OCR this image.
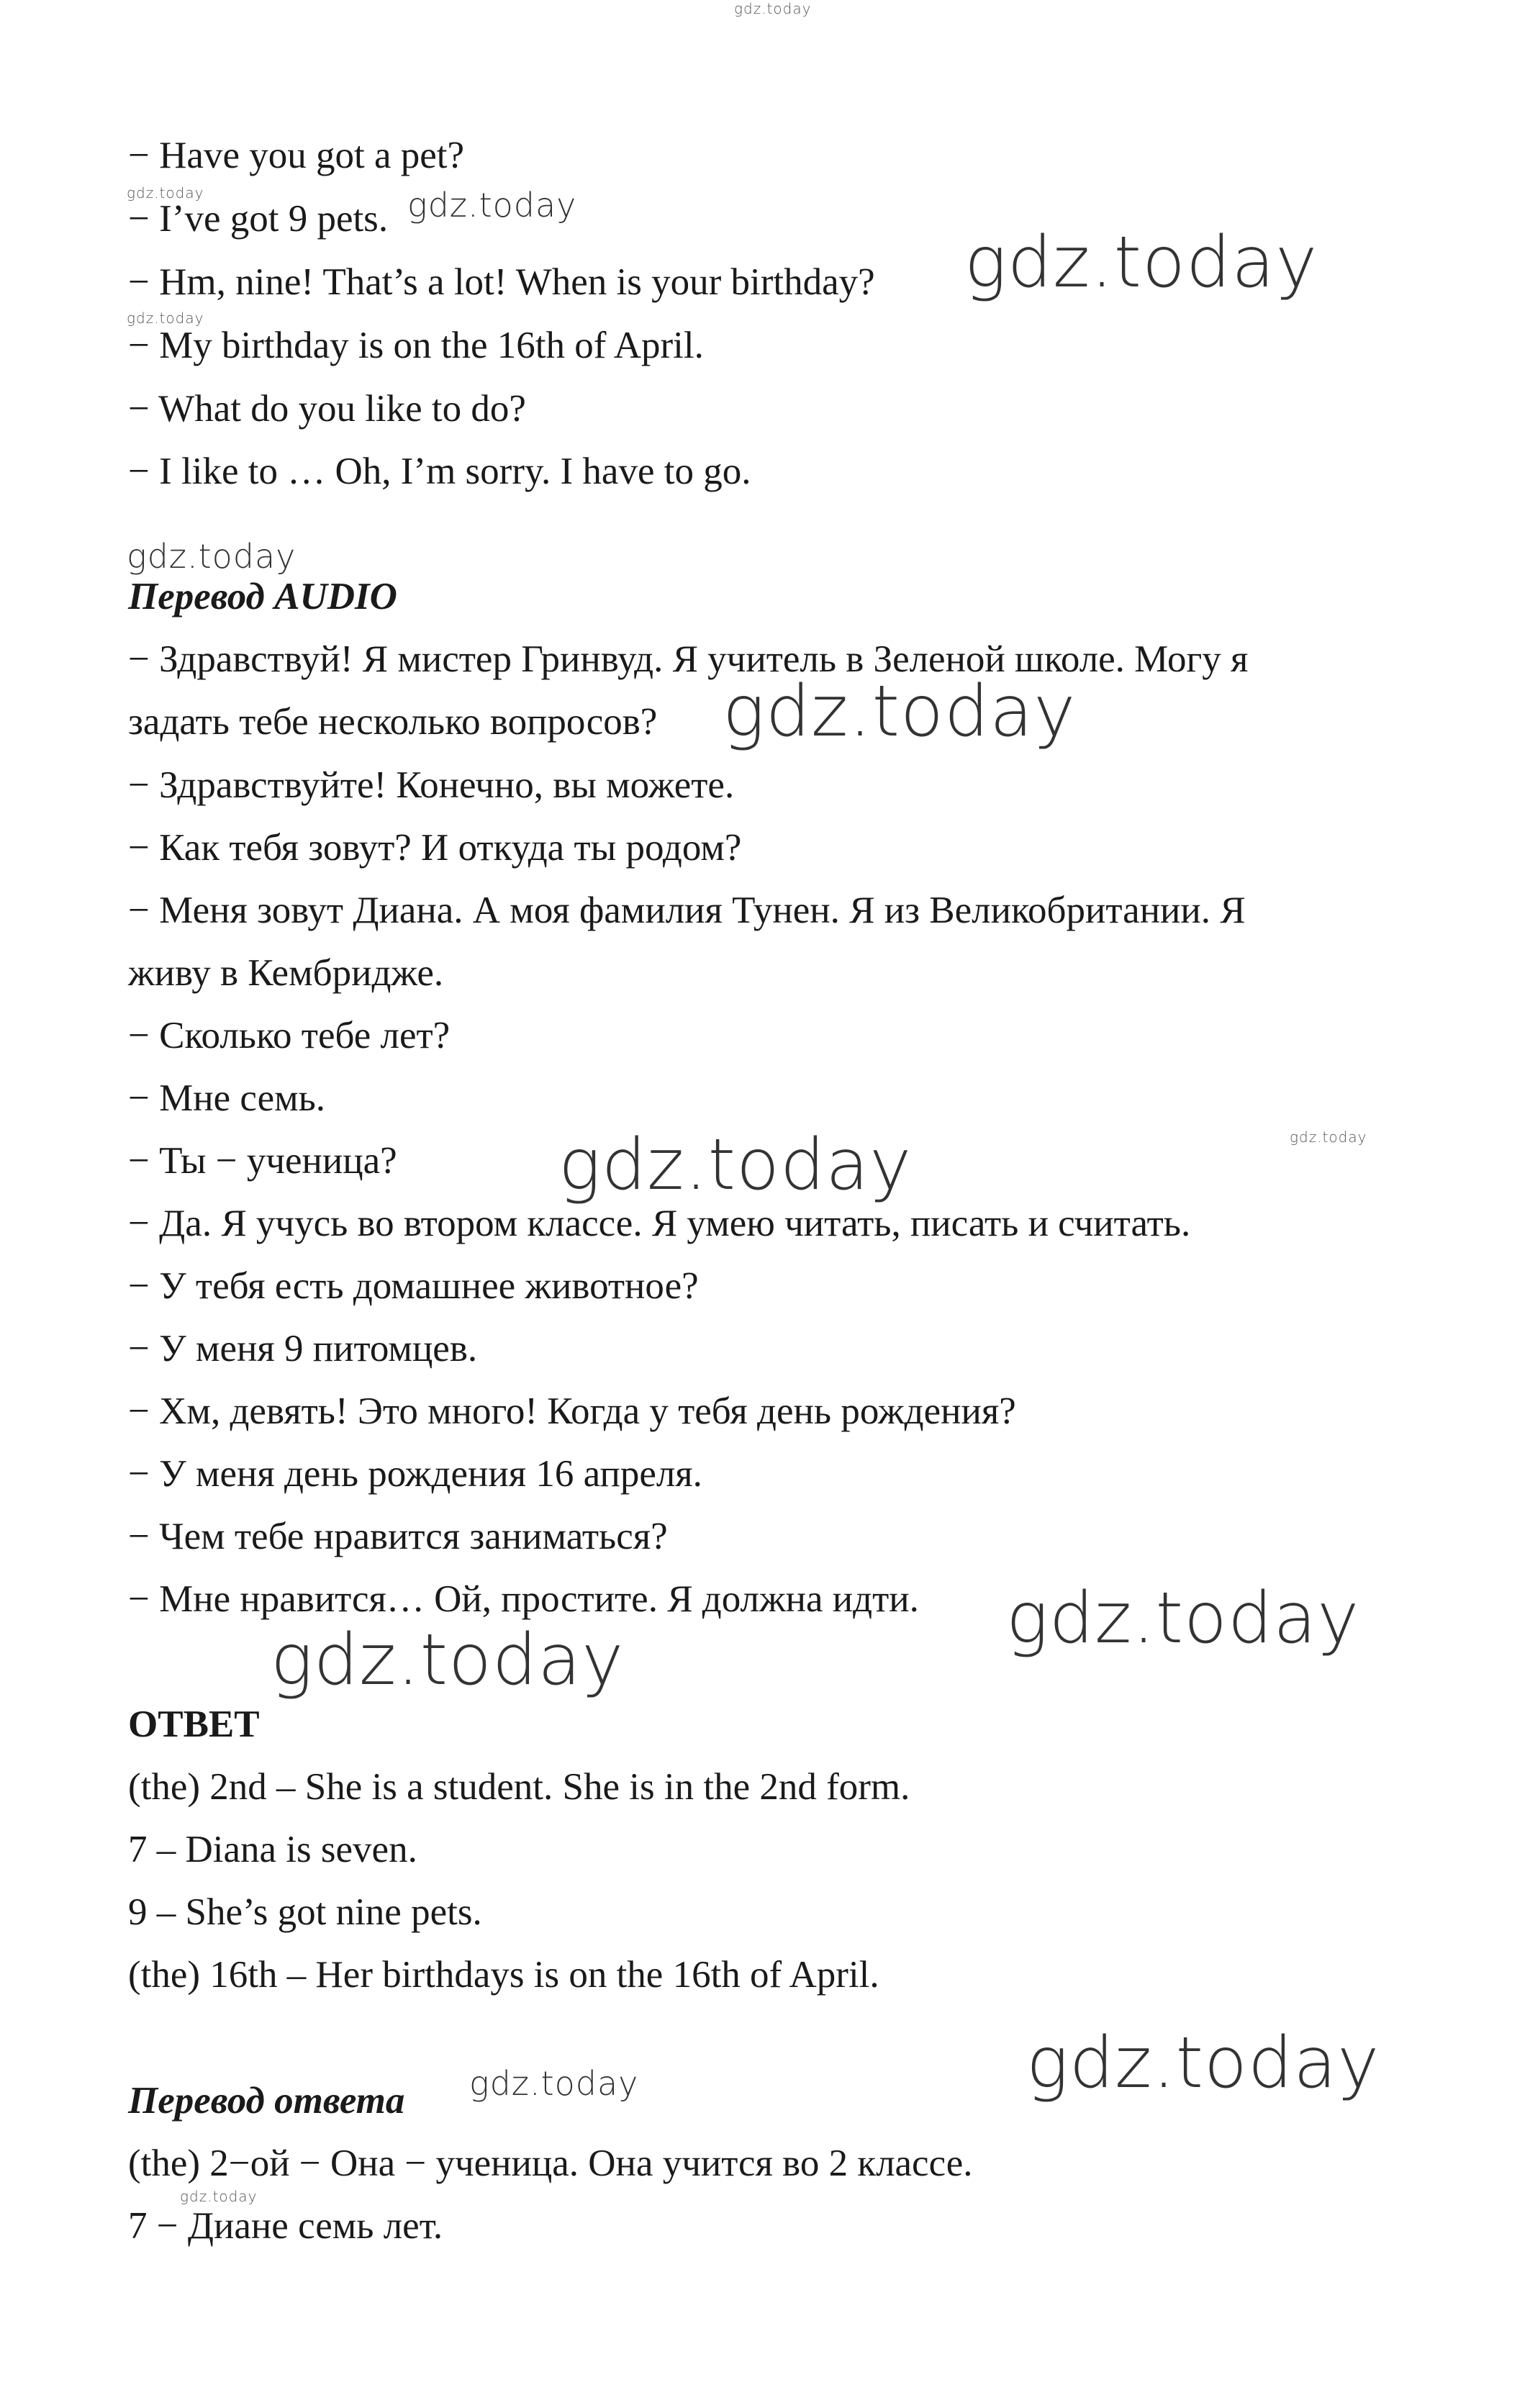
gdz.today
− Have you got a pet?
− I’ve got 9 pets.
− Hm, nine! That’s a lot! When is your birthday?
− My birthday is on the 16th of April.
− What do you like to do?
− I like to … Oh, I’m sorry. I have to go.
Перевод AUDIO
− Здравствуй! Я мистер Гринвуд. Я учитель в Зеленой школе. Могу я
задать тебе несколько вопросов?
− Здравствуйте! Конечно, вы можете.
− Как тебя зовут? И откуда ты родом?
− Меня зовут Диана. А моя фамилия Тунен. Я из Великобритании. Я
живу в Кембридже.
− Сколько тебе лет?
− Мне семь.
− Ты − ученица?
− Да. Я учусь во втором классе. Я умею читать, писать и считать.
− У тебя есть домашнее животное?
− У меня 9 питомцев.
− Хм, девять! Это много! Когда у тебя день рождения?
− У меня день рождения 16 апреля.
− Чем тебе нравится заниматься?
− Мне нравится… Ой, простите. Я должна идти.
ОТВЕТ
(the) 2nd – She is a student. She is in the 2nd form.
7 – Diana is seven.
9 – She’s got nine pets.
(the) 16th – Her birthdays is on the 16th of April.
Перевод ответа
(the) 2−ой − Она − ученица. Она учится во 2 классе.
7 − Диане семь лет.
gdz.today	gdz.today
gdz.today
gdz.today
gdz.today
gdz.today
gdz.today	gdz.today
gdz.today
gdz.today
gdz.today
gdz.today
gdz.today
